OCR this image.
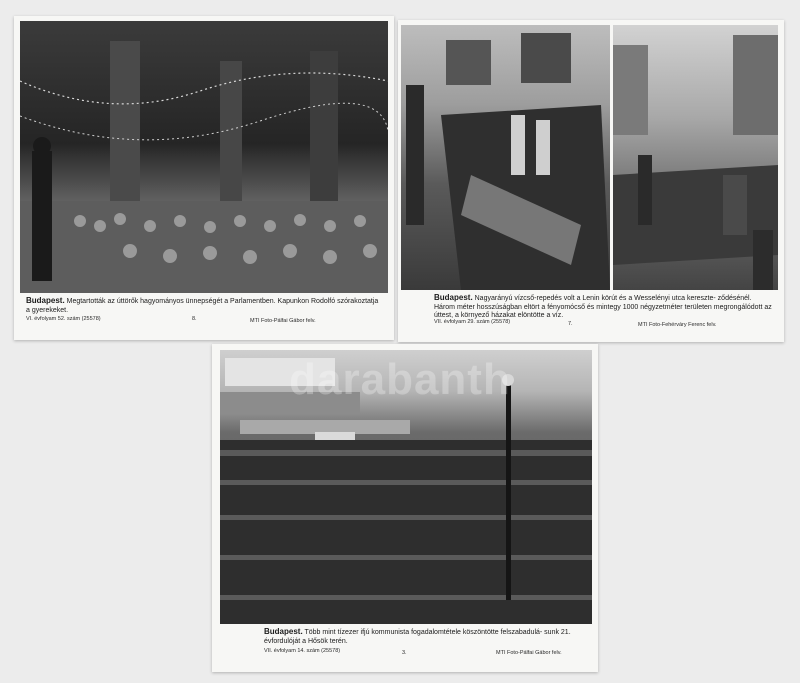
Budapest. Megtartották az úttörők hagyományos ünnepségét a Parlamentben. Kapunkon Rodolfó szórakoztatja a gyerekeket.
VI. évfolyam 52. szám (25578)	8.	MTI Foto-Pálfai Gábor felv.
Budapest. Nagyarányú vízcső-repedés volt a Lenin körút és a Wesselényi utca kereszte- ződésénél. Három méter hosszúságban eltört a fényomócső és mintegy 1000 négyzetméter területen megrongálódott az úttest, a környező házakat elöntötte a víz.
VII. évfolyam 29. szám (25578)	7.	MTI Foto-Fehérváry Ferenc felv.
Budapest. Több mint tízezer ifjú kommunista fogadalomtétele köszöntötte felszabadulá- sunk 21. évfordulóját a Hősök terén.
VII. évfolyam 14. szám (25578)	3.	MTI Foto-Pálfai Gábor felv.
darabanth
